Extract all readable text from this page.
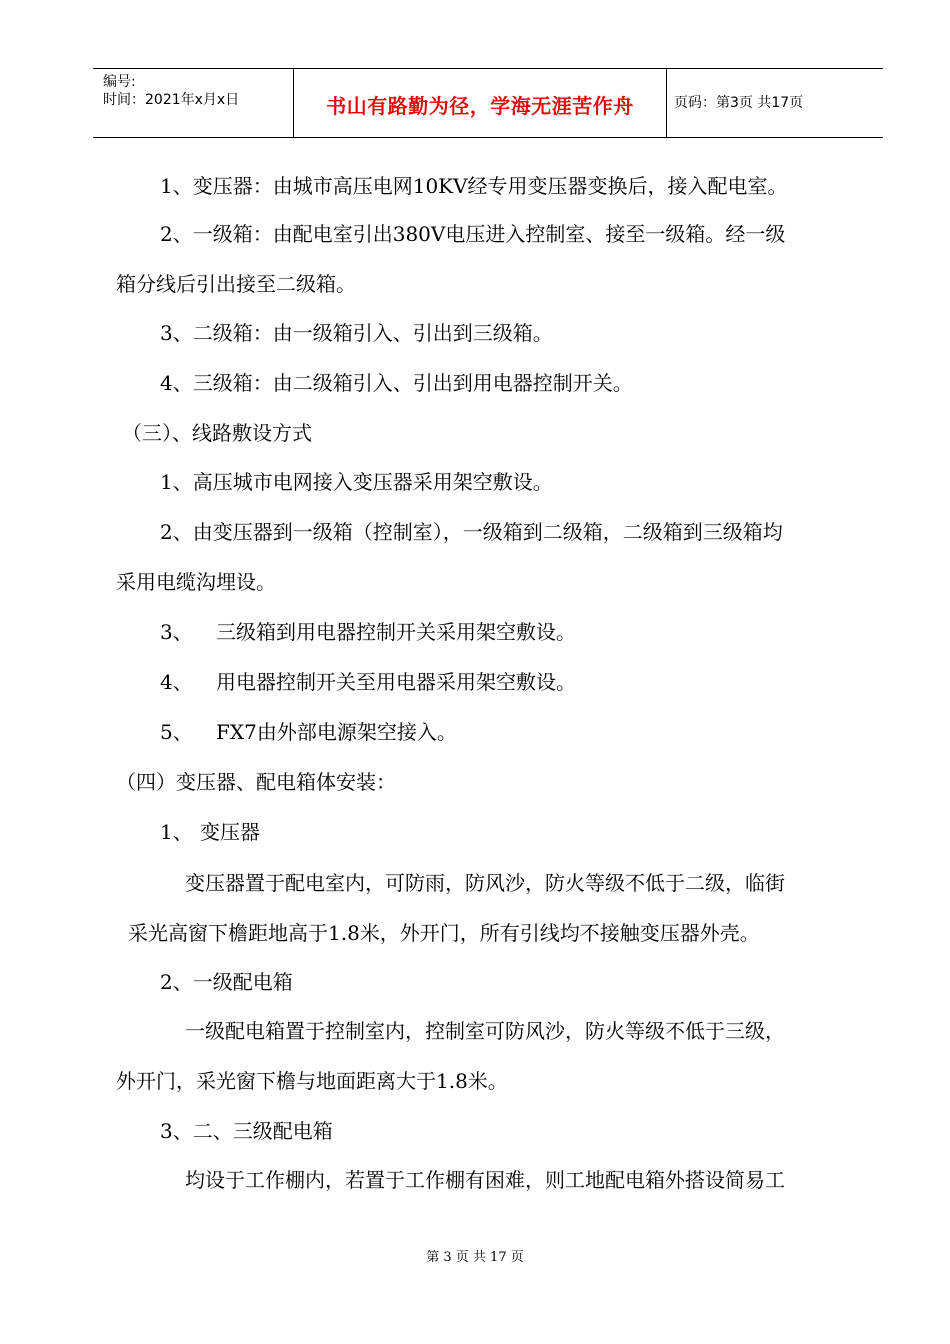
编号:
时间：2021年x月x日	书山有路勤为径，学海无涯苦作舟	页码：第3页 共17页
1、变压器：由城市高压电网10KV经专用变压器变换后，接入配电室。
2、一级箱：由配电室引出380V电压进入控制室、接至一级箱。经一级
箱分线后引出接至二级箱。
3、二级箱：由一级箱引入、引出到三级箱。
4、三级箱：由二级箱引入、引出到用电器控制开关。
（三）、线路敷设方式
1、高压城市电网接入变压器采用架空敷设。
2、由变压器到一级箱（控制室），一级箱到二级箱，二级箱到三级箱均
采用电缆沟埋设。
3、 三级箱到用电器控制开关采用架空敷设。
4、 用电器控制开关至用电器采用架空敷设。
5、 FX7由外部电源架空接入。
（四）变压器、配电箱体安装：
1、 变压器
变压器置于配电室内，可防雨，防风沙，防火等级不低于二级，临街
采光高窗下檐距地高于1.8米，外开门，所有引线均不接触变压器外壳。
2、一级配电箱
一级配电箱置于控制室内，控制室可防风沙，防火等级不低于三级，
外开门，采光窗下檐与地面距离大于1.8米。
3、二、三级配电箱
均设于工作棚内，若置于工作棚有困难，则工地配电箱外搭设简易工
第 3 页 共 17 页
